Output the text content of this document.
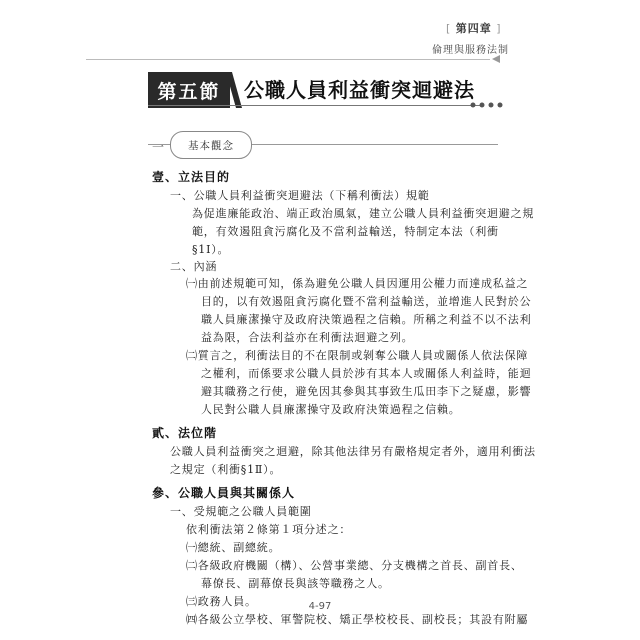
[ 第四章 ]
倫理與服務法制
第五節	公職人員利益衝突迴避法
一	基本觀念
壹、立法目的
一、公職人員利益衝突迴避法（下稱利衝法）規範
為促進廉能政治、端正政治風氣，建立公職人員利益衝突迴避之規
範，有效遏阻貪污腐化及不當利益輸送，特制定本法（利衝
§1Ⅰ）。
二、內涵
㈠由前述規範可知，係為避免公職人員因運用公權力而達成私益之
目的，以有效遏阻貪污腐化暨不當利益輸送，並增進人民對於公
職人員廉潔操守及政府決策過程之信賴。所稱之利益不以不法利
益為限，合法利益亦在利衝法迴避之列。
㈡質言之，利衝法目的不在限制或剝奪公職人員或關係人依法保障
之權利，而係要求公職人員於涉有其本人或關係人利益時，能迴
避其職務之行使，避免因其參與其事致生瓜田李下之疑慮，影響
人民對公職人員廉潔操守及政府決策過程之信賴。
貳、法位階
公職人員利益衝突之迴避，除其他法律另有嚴格規定者外，適用利衝法
之規定（利衝§1Ⅱ）。
參、公職人員與其關係人
一、受規範之公職人員範圍
依利衝法第２條第１項分述之：
㈠總統、副總統。
㈡各級政府機關（構）、公營事業總、分支機構之首長、副首長、
幕僚長、副幕僚長與該等職務之人。
㈢政務人員。
㈣各級公立學校、軍警院校、矯正學校校長、副校長；其設有附屬
4-97
